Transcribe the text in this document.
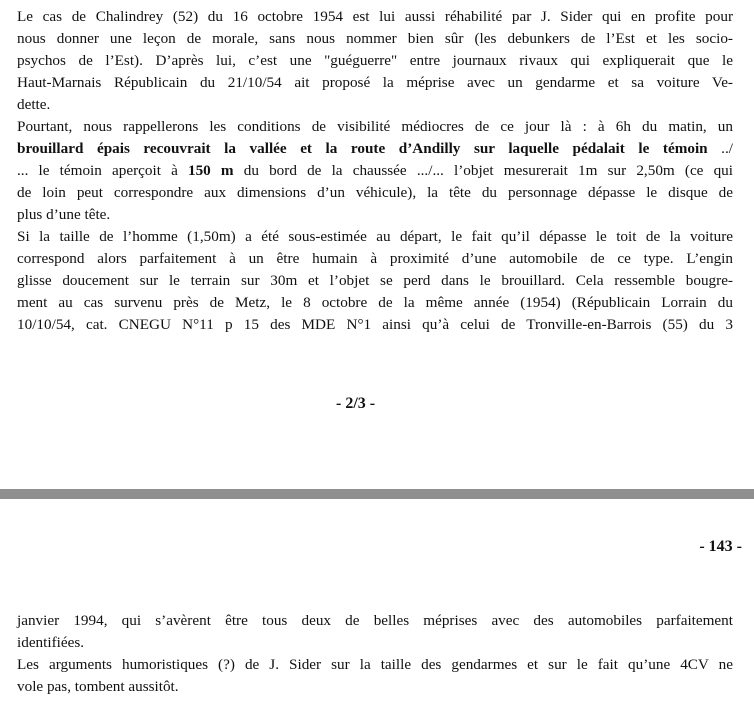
Le cas de Chalindrey (52) du 16 octobre 1954 est lui aussi réhabilité par J. Sider qui en profite pour
nous donner une leçon de morale, sans nous nommer bien sûr (les debunkers de l’Est et les socio-
psychos de l’Est). D’après lui, c’est une "guéguerre" entre journaux rivaux qui expliquerait que le
Haut-Marnais Républicain du 21/10/54 ait proposé la méprise avec un gendarme et sa voiture Ve-
dette.
Pourtant, nous rappellerons les conditions de visibilité médiocres de ce jour là : à 6h du matin, un
brouillard épais recouvrait la vallée et la route d’Andilly sur laquelle pédalait le témoin ../
... le témoin aperçoit à 150 m du bord de la chaussée .../... l’objet mesurerait 1m sur 2,50m (ce qui
de loin peut correspondre aux dimensions d’un véhicule), la tête du personnage dépasse le disque de
plus d’une tête.
Si la taille de l’homme (1,50m) a été sous-estimée au départ, le fait qu’il dépasse le toit de la voiture
correspond alors parfaitement à un être humain à proximité d’une automobile de ce type. L’engin
glisse doucement sur le terrain sur 30m et l’objet se perd dans le brouillard. Cela ressemble bougre-
ment au cas survenu près de Metz, le 8 octobre de la même année (1954) (Républicain Lorrain du
10/10/54, cat. CNEGU N°11 p 15 des MDE N°1 ainsi qu’à celui de Tronville-en-Barrois (55) du 3
- 2/3 -
- 143 -
janvier 1994, qui s’avèrent être tous deux de belles méprises avec des automobiles parfaitement
identifiées.
Les arguments humoristiques (?) de J. Sider sur la taille des gendarmes et sur le fait qu’une 4CV ne
vole pas, tombent aussitôt.
